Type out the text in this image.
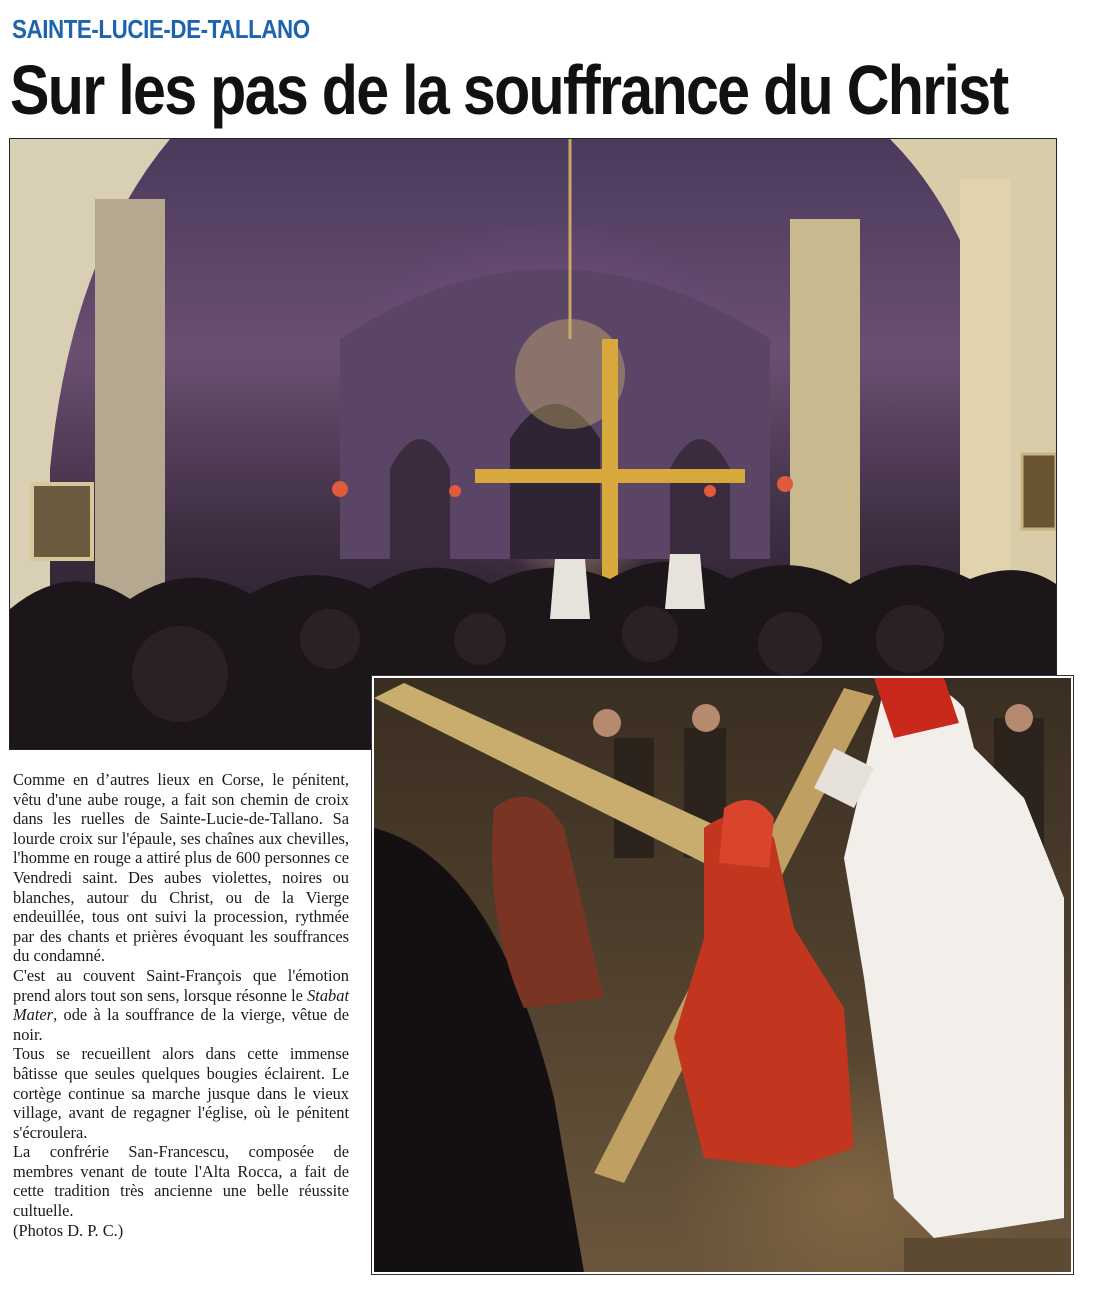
SAINTE-LUCIE-DE-TALLANO
Sur les pas de la souffrance du Christ

Comme en d’autres lieux en Corse, le pénitent, vêtu d'une aube rouge, a fait son chemin de croix dans les ruelles de Sainte-Lucie-de-Tallano. Sa lourde croix sur l'épaule, ses chaînes aux chevilles, l'homme en rouge a attiré plus de 600 personnes ce Vendredi saint. Des aubes violettes, noires ou blanches, autour du Christ, ou de la Vierge endeuillée, tous ont suivi la procession, rythmée par des chants et prières évoquant les souffrances du condamné.

C'est au couvent Saint-François que l'émotion prend alors tout son sens, lorsque résonne le Stabat Mater, ode à la souffrance de la vierge, vêtue de noir.

Tous se recueillent alors dans cette immense bâtisse que seules quelques bougies éclairent. Le cortège continue sa marche jusque dans le vieux village, avant de regagner l'église, où le pénitent s'écroulera.

La confrérie San-Francescu, composée de membres venant de toute l'Alta Rocca, a fait de cette tradition très ancienne une belle réussite cultuelle.

(Photos D. P. C.)
